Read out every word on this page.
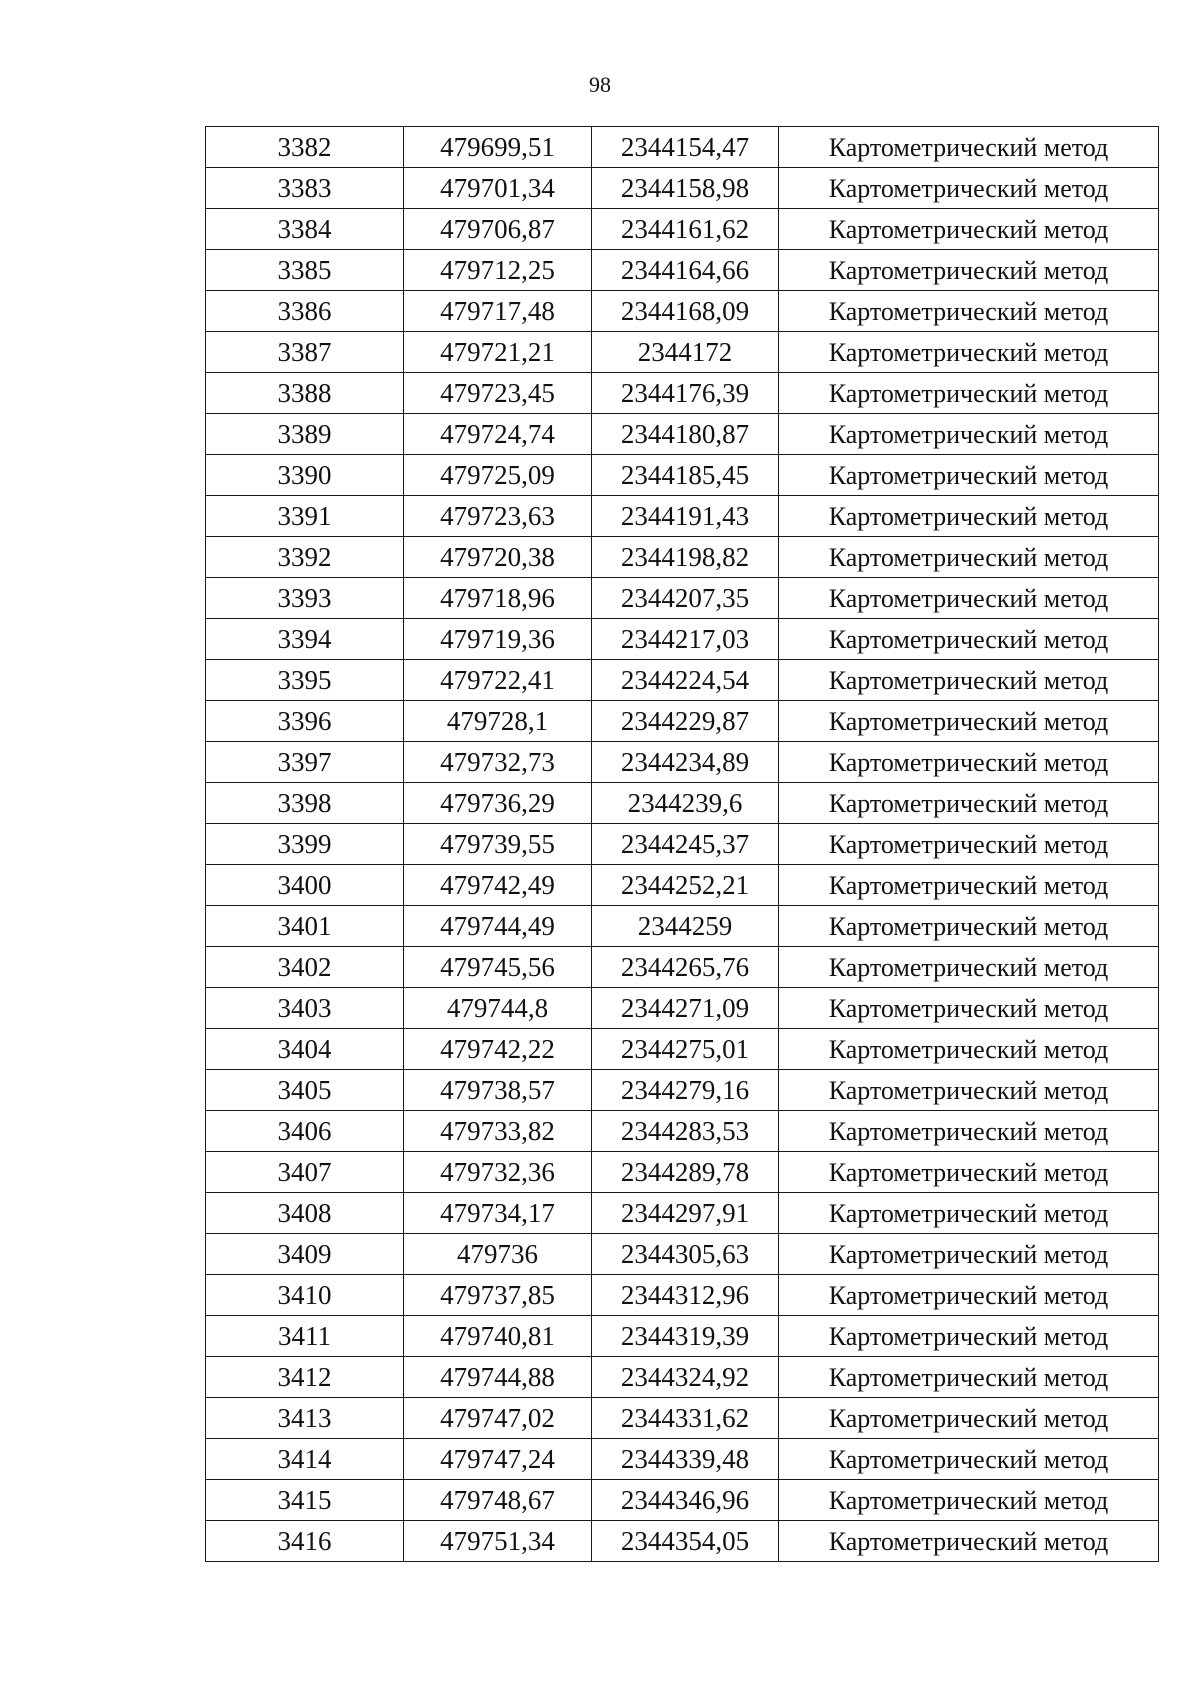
98
3382	479699,51	2344154,47	Картометрический метод
3383	479701,34	2344158,98	Картометрический метод
3384	479706,87	2344161,62	Картометрический метод
3385	479712,25	2344164,66	Картометрический метод
3386	479717,48	2344168,09	Картометрический метод
3387	479721,21	2344172	Картометрический метод
3388	479723,45	2344176,39	Картометрический метод
3389	479724,74	2344180,87	Картометрический метод
3390	479725,09	2344185,45	Картометрический метод
3391	479723,63	2344191,43	Картометрический метод
3392	479720,38	2344198,82	Картометрический метод
3393	479718,96	2344207,35	Картометрический метод
3394	479719,36	2344217,03	Картометрический метод
3395	479722,41	2344224,54	Картометрический метод
3396	479728,1	2344229,87	Картометрический метод
3397	479732,73	2344234,89	Картометрический метод
3398	479736,29	2344239,6	Картометрический метод
3399	479739,55	2344245,37	Картометрический метод
3400	479742,49	2344252,21	Картометрический метод
3401	479744,49	2344259	Картометрический метод
3402	479745,56	2344265,76	Картометрический метод
3403	479744,8	2344271,09	Картометрический метод
3404	479742,22	2344275,01	Картометрический метод
3405	479738,57	2344279,16	Картометрический метод
3406	479733,82	2344283,53	Картометрический метод
3407	479732,36	2344289,78	Картометрический метод
3408	479734,17	2344297,91	Картометрический метод
3409	479736	2344305,63	Картометрический метод
3410	479737,85	2344312,96	Картометрический метод
3411	479740,81	2344319,39	Картометрический метод
3412	479744,88	2344324,92	Картометрический метод
3413	479747,02	2344331,62	Картометрический метод
3414	479747,24	2344339,48	Картометрический метод
3415	479748,67	2344346,96	Картометрический метод
3416	479751,34	2344354,05	Картометрический метод
